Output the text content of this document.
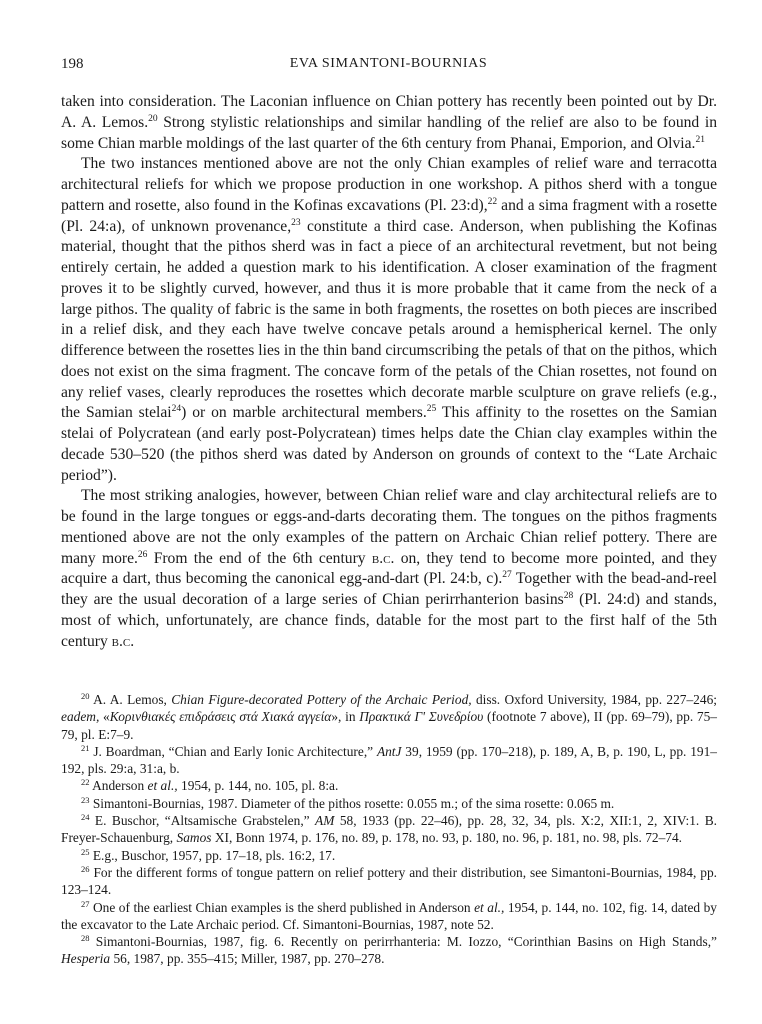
198	EVA SIMANTONI-BOURNIAS

taken into consideration. The Laconian influence on Chian pottery has recently been pointed out by Dr. A. A. Lemos.$^{20}$ Strong stylistic relationships and similar handling of the relief are also to be found in some Chian marble moldings of the last quarter of the 6th century from Phanai, Emporion, and Olvia.$^{21}$

The two instances mentioned above are not the only Chian examples of relief ware and terracotta architectural reliefs for which we propose production in one workshop. A pithos sherd with a tongue pattern and rosette, also found in the Kofinas excavations (Pl. 23:d),$^{22}$ and a sima fragment with a rosette (Pl. 24:a), of unknown provenance,$^{23}$ constitute a third case. Anderson, when publishing the Kofinas material, thought that the pithos sherd was in fact a piece of an architectural revetment, but not being entirely certain, he added a question mark to his identification. A closer examination of the fragment proves it to be slightly curved, however, and thus it is more probable that it came from the neck of a large pithos. The quality of fabric is the same in both fragments, the rosettes on both pieces are inscribed in a relief disk, and they each have twelve concave petals around a hemispherical kernel. The only difference between the rosettes lies in the thin band circumscribing the petals of that on the pithos, which does not exist on the sima fragment. The concave form of the petals of the Chian rosettes, not found on any relief vases, clearly reproduces the rosettes which decorate marble sculpture on grave reliefs (e.g., the Samian stelai$^{24}$) or on marble architectural members.$^{25}$ This affinity to the rosettes on the Samian stelai of Polycratean (and early post-Polycratean) times helps date the Chian clay examples within the decade 530–520 (the pithos sherd was dated by Anderson on grounds of context to the “Late Archaic period”).

The most striking analogies, however, between Chian relief ware and clay architectural reliefs are to be found in the large tongues or eggs-and-darts decorating them. The tongues on the pithos fragments mentioned above are not the only examples of the pattern on Archaic Chian relief pottery. There are many more.$^{26}$ From the end of the 6th century b.c. on, they tend to become more pointed, and they acquire a dart, thus becoming the canonical egg-and-dart (Pl. 24:b, c).$^{27}$ Together with the bead-and-reel they are the usual decoration of a large series of Chian perirrhanterion basins$^{28}$ (Pl. 24:d) and stands, most of which, unfortunately, are chance finds, datable for the most part to the first half of the 5th century b.c.

$^{20}$ A. A. Lemos, Chian Figure-decorated Pottery of the Archaic Period, diss. Oxford University, 1984, pp. 227–246; eadem, «Κορινθιακές επιδράσεις στά Χιακά αγγεία», in Πρακτικά Γ' Συνεδρίου (footnote 7 above), II (pp. 69–79), pp. 75–79, pl. E:7–9.

$^{21}$ J. Boardman, “Chian and Early Ionic Architecture,” AntJ 39, 1959 (pp. 170–218), p. 189, A, B, p. 190, L, pp. 191–192, pls. 29:a, 31:a, b.

$^{22}$ Anderson et al., 1954, p. 144, no. 105, pl. 8:a.

$^{23}$ Simantoni-Bournias, 1987. Diameter of the pithos rosette: 0.055 m.; of the sima rosette: 0.065 m.

$^{24}$ E. Buschor, “Altsamische Grabstelen,” AM 58, 1933 (pp. 22–46), pp. 28, 32, 34, pls. X:2, XII:1, 2, XIV:1. B. Freyer-Schauenburg, Samos XI, Bonn 1974, p. 176, no. 89, p. 178, no. 93, p. 180, no. 96, p. 181, no. 98, pls. 72–74.

$^{25}$ E.g., Buschor, 1957, pp. 17–18, pls. 16:2, 17.

$^{26}$ For the different forms of tongue pattern on relief pottery and their distribution, see Simantoni-Bournias, 1984, pp. 123–124.

$^{27}$ One of the earliest Chian examples is the sherd published in Anderson et al., 1954, p. 144, no. 102, fig. 14, dated by the excavator to the Late Archaic period. Cf. Simantoni-Bournias, 1987, note 52.

$^{28}$ Simantoni-Bournias, 1987, fig. 6. Recently on perirrhanteria: M. Iozzo, “Corinthian Basins on High Stands,” Hesperia 56, 1987, pp. 355–415; Miller, 1987, pp. 270–278.
